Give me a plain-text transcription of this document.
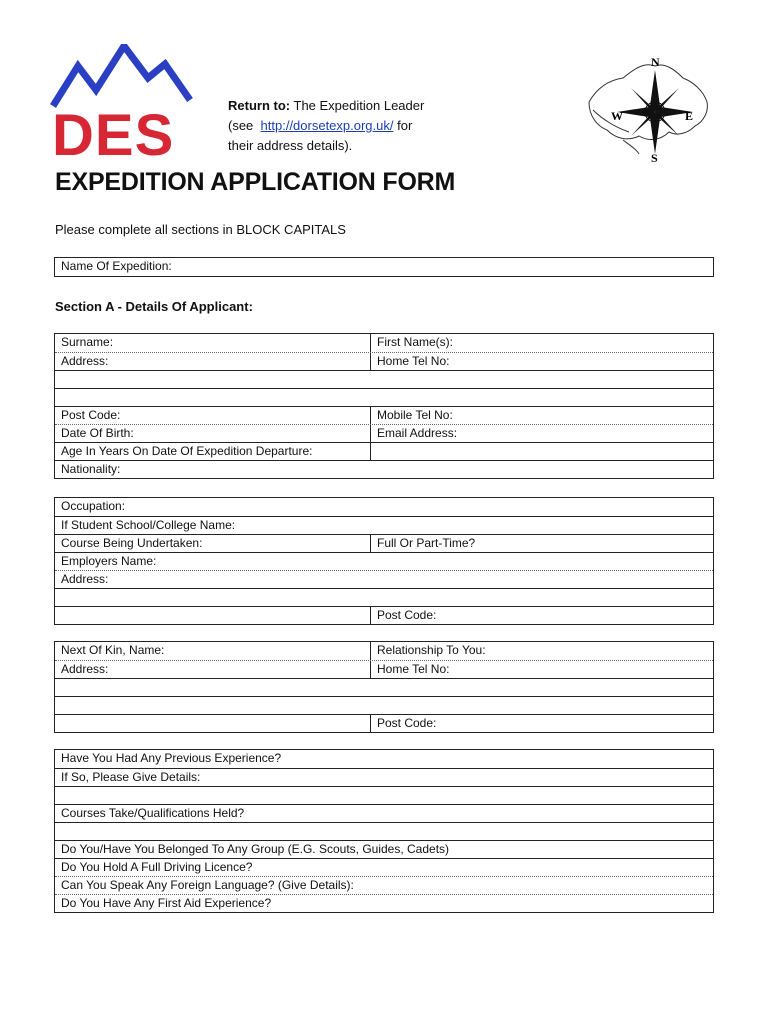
DES	Return to: The Expedition Leader
(see http://dorsetexp.org.uk/ for
their address details).
N
S
W	E
EXPEDITION APPLICATION FORM
Please complete all sections in BLOCK CAPITALS
Name Of Expedition:
Section A - Details Of Applicant:
Surname:	First Name(s):
Address:	Home Tel No:
Post Code:	Mobile Tel No:
Date Of Birth:	Email Address:
Age In Years On Date Of Expedition Departure:
Nationality:
Occupation:
If Student School/College Name:
Course Being Undertaken:	Full Or Part-Time?
Employers Name:
Address:
Post Code:
Next Of Kin, Name:	Relationship To You:
Address:	Home Tel No:
Post Code:
Have You Had Any Previous Experience?
If So, Please Give Details:
Courses Take/Qualifications Held?
Do You/Have You Belonged To Any Group (E.G. Scouts, Guides, Cadets)
Do You Hold A Full Driving Licence?
Can You Speak Any Foreign Language? (Give Details):
Do You Have Any First Aid Experience?
